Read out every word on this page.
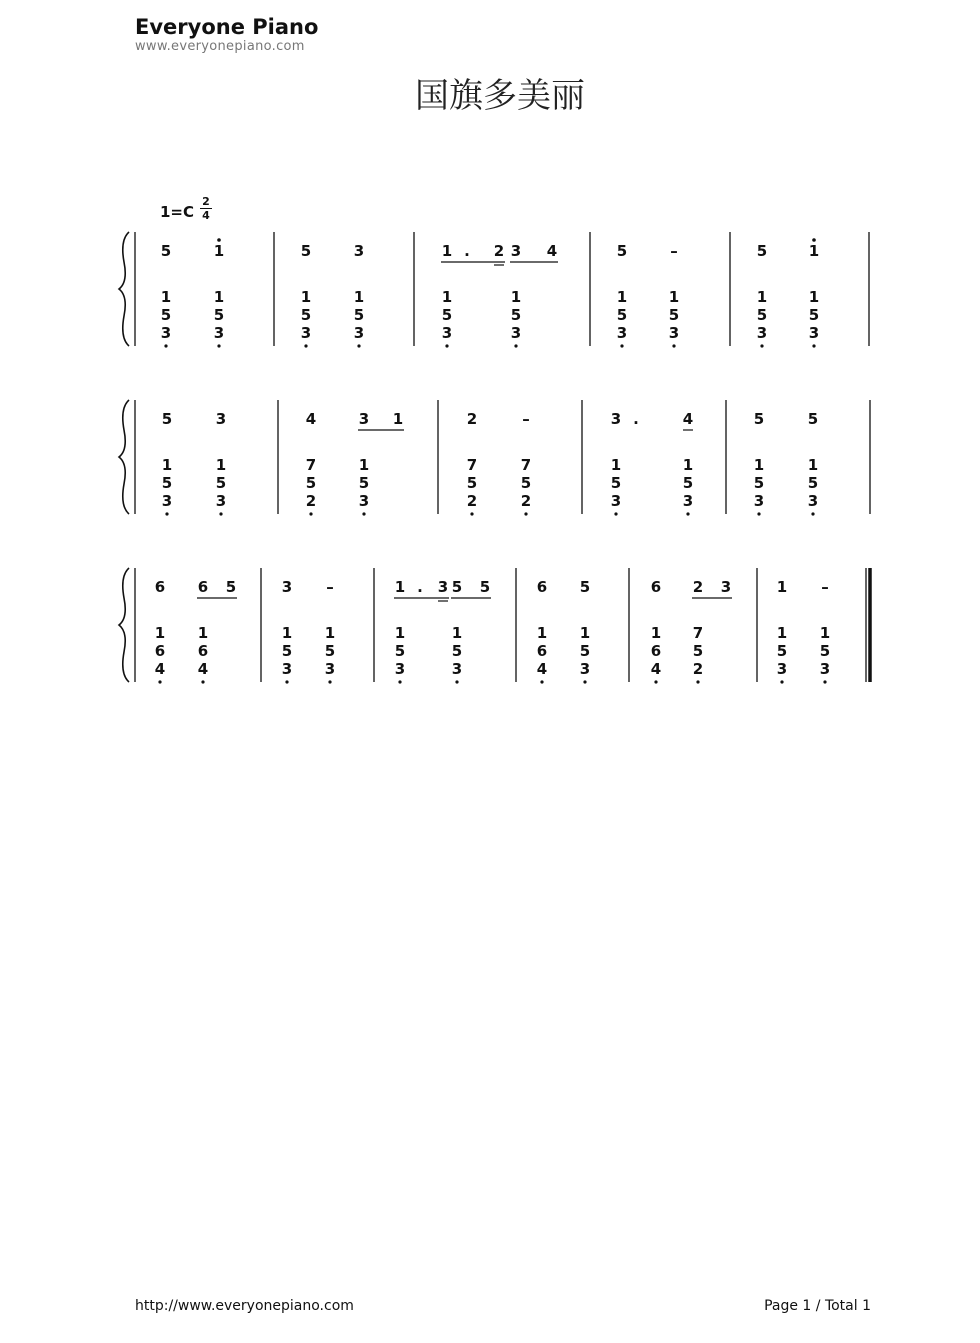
Everyone Piano
www.everyonepiano.com
国旗多美丽
1=C
2
4
5	1
1
5
3
1
5
3
5	3
1
5
3
1
5
3
1 . 2 3 4
1
5
3
1
5
3
5	–
1
5
3
1
5
3
5	1
1
5
3
1
5
3
5	3
1
5
3
1
5
3
4	3 1
7
5
2
1
5
3
2	–
7
5
2
7
5
2
3 .	4
1
5
3
1
5
3
5	5
1
5
3
1
5
3
6 6 5
1
6
4
1
6
4
3 –
1
5
3
1
5
3
1 . 3 5 5
1
5
3
1
5
3
6 5
1
6
4
1
5
3
6 2 3
1
6
4
7
5
2
1 –
1
5
3
1
5
3
http://www.everyonepiano.com	Page 1 / Total 1
